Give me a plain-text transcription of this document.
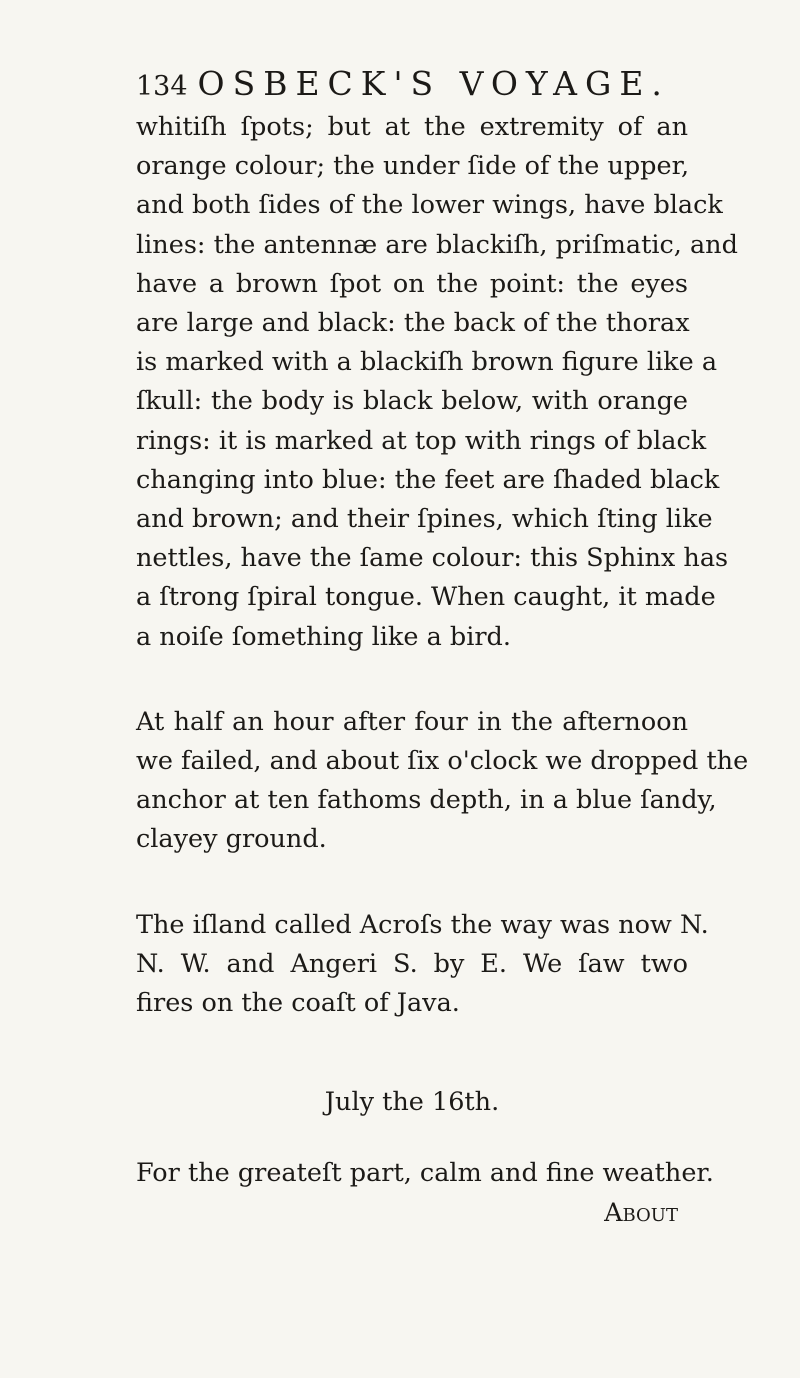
134 OSBECK'S VOYAGE.
whitiſh ſpots; but at the extremity of an
orange colour; the under ſide of the upper,
and both ſides of the lower wings, have black
lines: the antennæ are blackiſh, priſmatic, and
have a brown ſpot on the point: the eyes
are large and black: the back of the thorax
is marked with a blackiſh brown figure like a
ſkull: the body is black below, with orange
rings: it is marked at top with rings of black
changing into blue: the feet are ſhaded black
and brown; and their ſpines, which ſting like
nettles, have the ſame colour: this Sphinx has
a ſtrong ſpiral tongue. When caught, it made
a noiſe ſomething like a bird.
At half an hour after four in the afternoon
we failed, and about ſix o'clock we dropped the
anchor at ten fathoms depth, in a blue ſandy,
clayey ground.
The iſland called Acroſs the way was now N.
N. W. and Angeri S. by E. We ſaw two
fires on the coaſt of Java.
July the 16th.
For the greateſt part, calm and fine weather.
About
